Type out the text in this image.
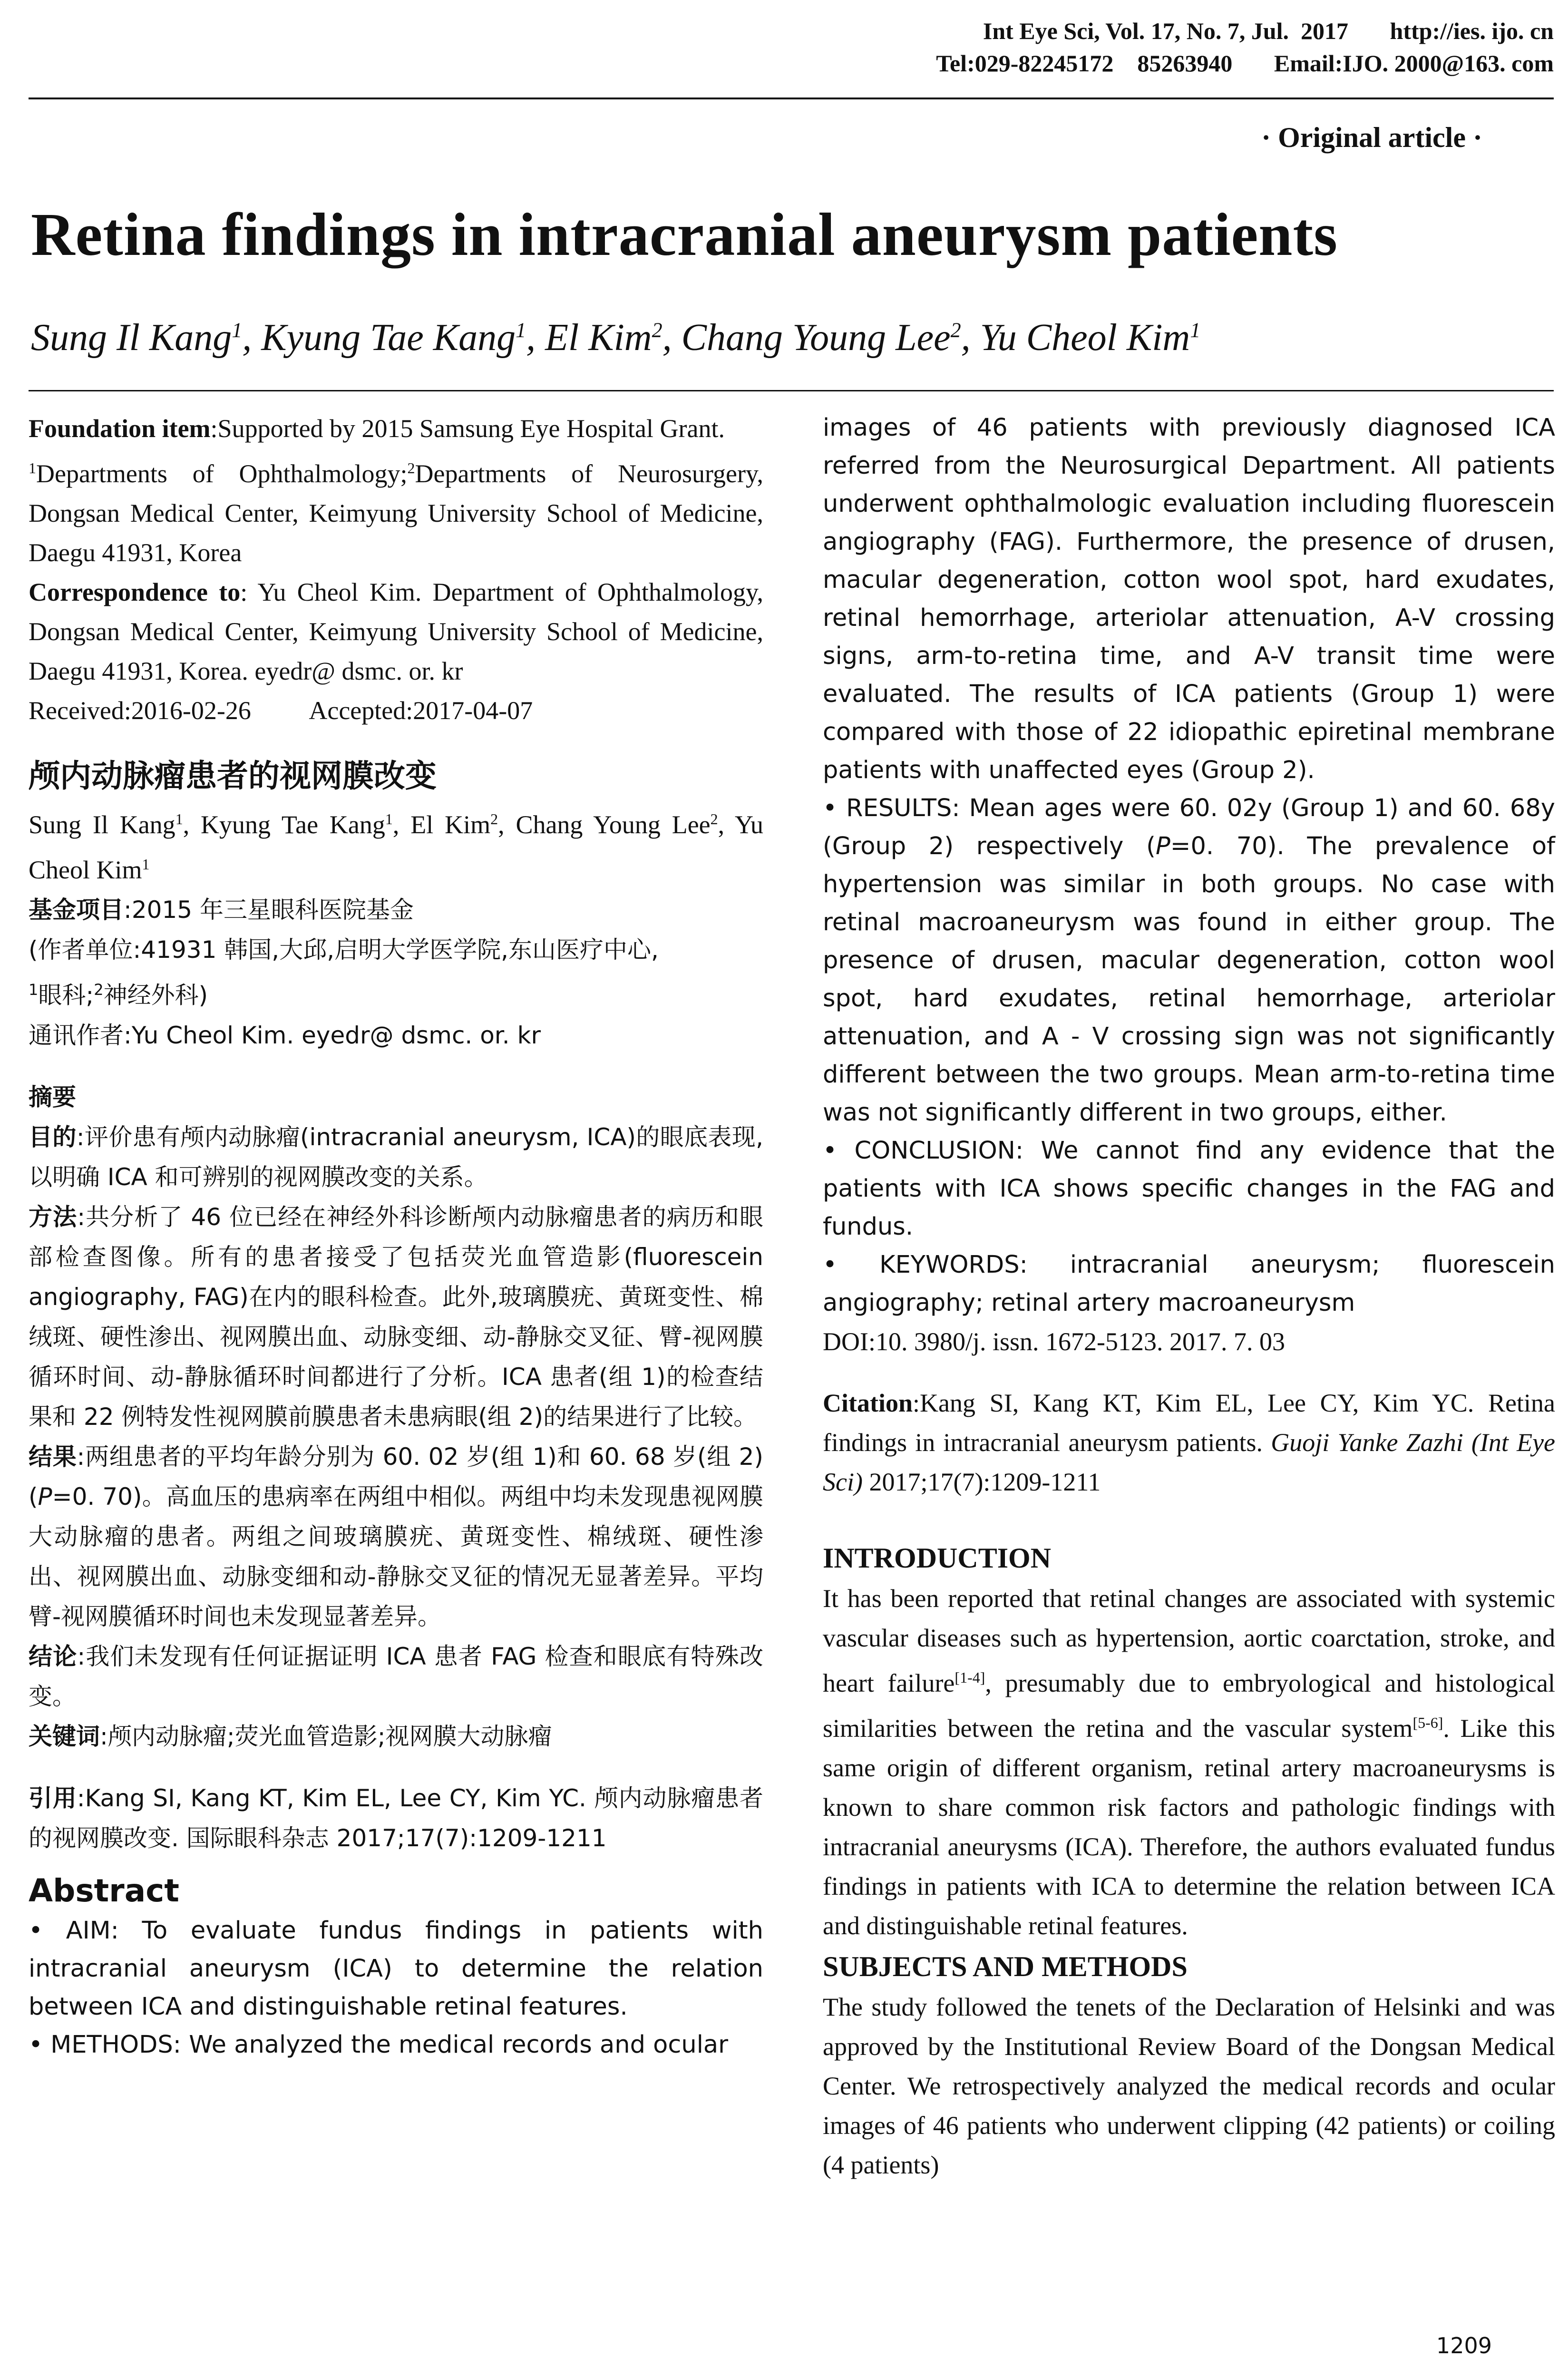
Int Eye Sci, Vol. 17, No. 7, Jul.  2017       http://ies. ijo. cn
Tel:029-82245172    85263940       Email:IJO. 2000@163. com
· Original article ·
Retina findings in intracranial aneurysm patients
Sung Il Kang$^1$, Kyung Tae Kang$^1$, El Kim$^2$, Chang Young Lee$^2$, Yu Cheol Kim$^1$

Foundation item:Supported by 2015 Samsung Eye Hospital Grant.

$^1$Departments of Ophthalmology;$^2$Departments of Neurosurgery, Dongsan Medical Center, Keimyung University School of Medicine, Daegu 41931, Korea

Correspondence to: Yu Cheol Kim. Department of Ophthalmology, Dongsan Medical Center, Keimyung University School of Medicine, Daegu 41931, Korea. eyedr@ dsmc. or. kr

Received:2016-02-26 Accepted:2017-04-07

颅内动脉瘤患者的视网膜改变

Sung Il Kang$^1$, Kyung Tae Kang$^1$, El Kim$^2$, Chang Young Lee$^2$, Yu Cheol Kim$^1$

基金项目:2015 年三星眼科医院基金

(作者单位:41931 韩国,大邱,启明大学医学院,东山医疗中心,
$^1$眼科;$^2$神经外科)

通讯作者:Yu Cheol Kim. eyedr@ dsmc. or. kr

摘要

目的:评价患有颅内动脉瘤(intracranial aneurysm, ICA)的眼底表现,以明确 ICA 和可辨别的视网膜改变的关系。

方法:共分析了 46 位已经在神经外科诊断颅内动脉瘤患者的病历和眼部检查图像。所有的患者接受了包括荧光血管造影(fluorescein angiography, FAG)在内的眼科检查。此外,玻璃膜疣、黄斑变性、棉绒斑、硬性渗出、视网膜出血、动脉变细、动-静脉交叉征、臂-视网膜循环时间、动-静脉循环时间都进行了分析。ICA 患者(组 1)的检查结果和 22 例特发性视网膜前膜患者未患病眼(组 2)的结果进行了比较。

结果:两组患者的平均年龄分别为 60. 02 岁(组 1)和 60. 68 岁(组 2)(P=0. 70)。高血压的患病率在两组中相似。两组中均未发现患视网膜大动脉瘤的患者。两组之间玻璃膜疣、黄斑变性、棉绒斑、硬性渗出、视网膜出血、动脉变细和动-静脉交叉征的情况无显著差异。平均臂-视网膜循环时间也未发现显著差异。

结论:我们未发现有任何证据证明 ICA 患者 FAG 检查和眼底有特殊改变。

关键词:颅内动脉瘤;荧光血管造影;视网膜大动脉瘤

引用:Kang SI, Kang KT, Kim EL, Lee CY, Kim YC. 颅内动脉瘤患者的视网膜改变. 国际眼科杂志 2017;17(7):1209-1211

Abstract

• AIM: To evaluate fundus findings in patients with intracranial aneurysm (ICA) to determine the relation between ICA and distinguishable retinal features.

• METHODS: We analyzed the medical records and ocular

images of 46 patients with previously diagnosed ICA referred from the Neurosurgical Department. All patients underwent ophthalmologic evaluation including fluorescein angiography (FAG). Furthermore, the presence of drusen, macular degeneration, cotton wool spot, hard exudates, retinal hemorrhage, arteriolar attenuation, A-V crossing signs, arm-to-retina time, and A-V transit time were evaluated. The results of ICA patients (Group 1) were compared with those of 22 idiopathic epiretinal membrane patients with unaffected eyes (Group 2).

• RESULTS: Mean ages were 60. 02y (Group 1) and 60. 68y (Group 2) respectively (P=0. 70). The prevalence of hypertension was similar in both groups. No case with retinal macroaneurysm was found in either group. The presence of drusen, macular degeneration, cotton wool spot, hard exudates, retinal hemorrhage, arteriolar attenuation, and A - V crossing sign was not significantly different between the two groups. Mean arm-to-retina time was not significantly different in two groups, either.

• CONCLUSION: We cannot find any evidence that the patients with ICA shows specific changes in the FAG and fundus.

• KEYWORDS: intracranial aneurysm; fluorescein angiography; retinal artery macroaneurysm

DOI:10. 3980/j. issn. 1672-5123. 2017. 7. 03

Citation:Kang SI, Kang KT, Kim EL, Lee CY, Kim YC. Retina findings in intracranial aneurysm patients. Guoji Yanke Zazhi (Int Eye Sci) 2017;17(7):1209-1211

INTRODUCTION

It has been reported that retinal changes are associated with systemic vascular diseases such as hypertension, aortic coarctation, stroke, and heart failure[1-4], presumably due to embryological and histological similarities between the retina and the vascular system[5-6]. Like this same origin of different organism, retinal artery macroaneurysms is known to share common risk factors and pathologic findings with intracranial aneurysms (ICA). Therefore, the authors evaluated fundus findings in patients with ICA to determine the relation between ICA and distinguishable retinal features.

SUBJECTS AND METHODS

The study followed the tenets of the Declaration of Helsinki and was approved by the Institutional Review Board of the Dongsan Medical Center. We retrospectively analyzed the medical records and ocular images of 46 patients who underwent clipping (42 patients) or coiling (4 patients)

1209
